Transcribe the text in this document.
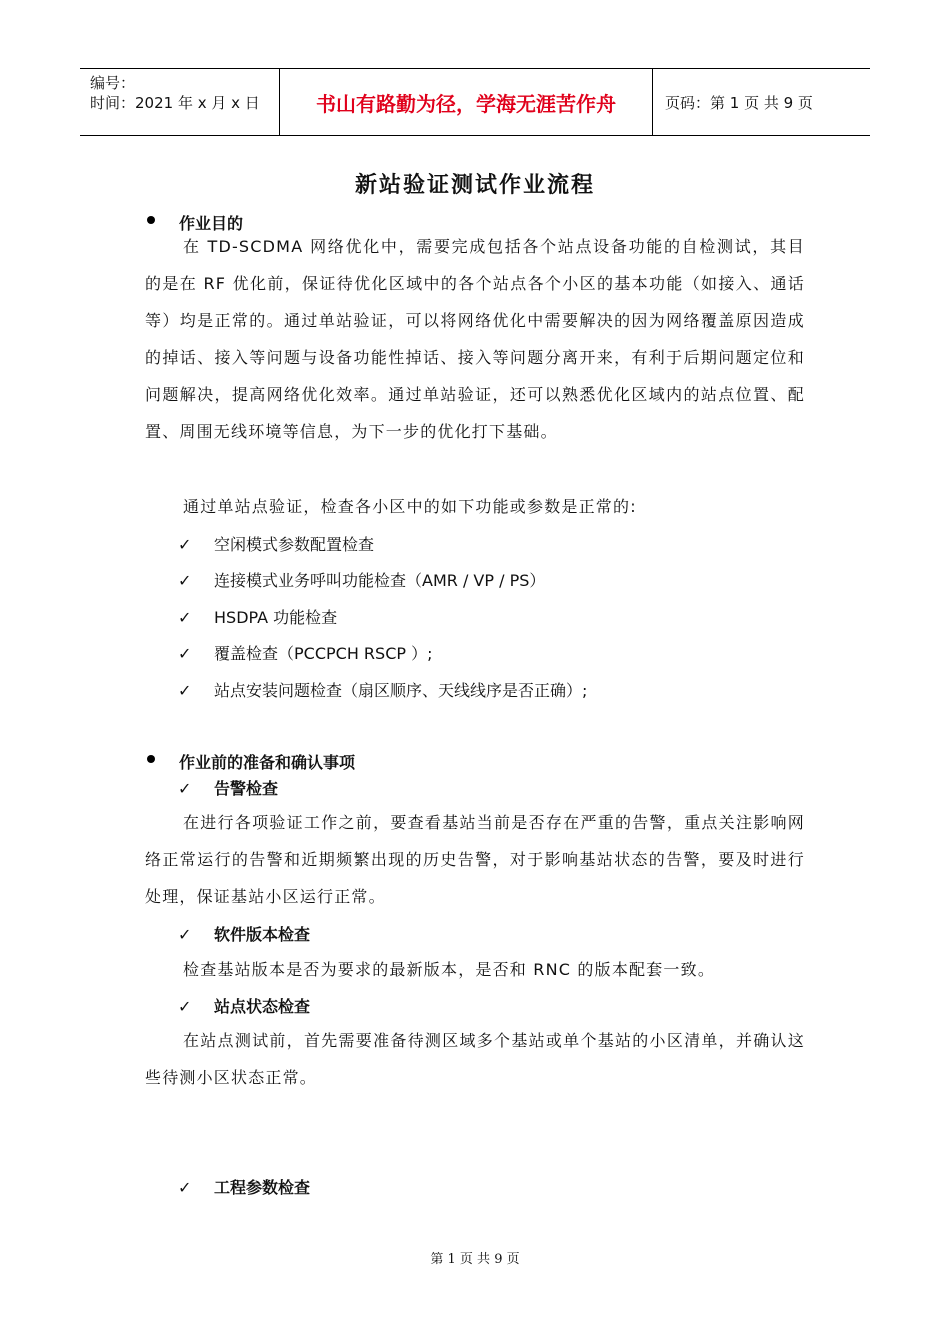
编号：
时间：2021 年 x 月 x 日	书山有路勤为径，学海无涯苦作舟	页码：第 1 页 共 9 页
新站验证测试作业流程
作业目的
在 TD-SCDMA 网络优化中，需要完成包括各个站点设备功能的自检测试，其目的是在 RF 优化前，保证待优化区域中的各个站点各个小区的基本功能（如接入、通话等）均是正常的。通过单站验证，可以将网络优化中需要解决的因为网络覆盖原因造成的掉话、接入等问题与设备功能性掉话、接入等问题分离开来，有利于后期问题定位和问题解决，提高网络优化效率。通过单站验证，还可以熟悉优化区域内的站点位置、配置、周围无线环境等信息，为下一步的优化打下基础。
通过单站点验证，检查各小区中的如下功能或参数是正常的:
✓ 空闲模式参数配置检查
✓ 连接模式业务呼叫功能检查（AMR / VP / PS）
✓ HSDPA 功能检查
✓ 覆盖检查（PCCPCH RSCP ）;
✓ 站点安装问题检查（扇区顺序、天线线序是否正确）;
作业前的准备和确认事项
✓ 告警检查
在进行各项验证工作之前，要查看基站当前是否存在严重的告警，重点关注影响网络正常运行的告警和近期频繁出现的历史告警，对于影响基站状态的告警，要及时进行处理，保证基站小区运行正常。
✓ 软件版本检查
检查基站版本是否为要求的最新版本，是否和 RNC 的版本配套一致。
✓ 站点状态检查
在站点测试前，首先需要准备待测区域多个基站或单个基站的小区清单，并确认这些待测小区状态正常。
✓ 工程参数检查
第 1 页 共 9 页
